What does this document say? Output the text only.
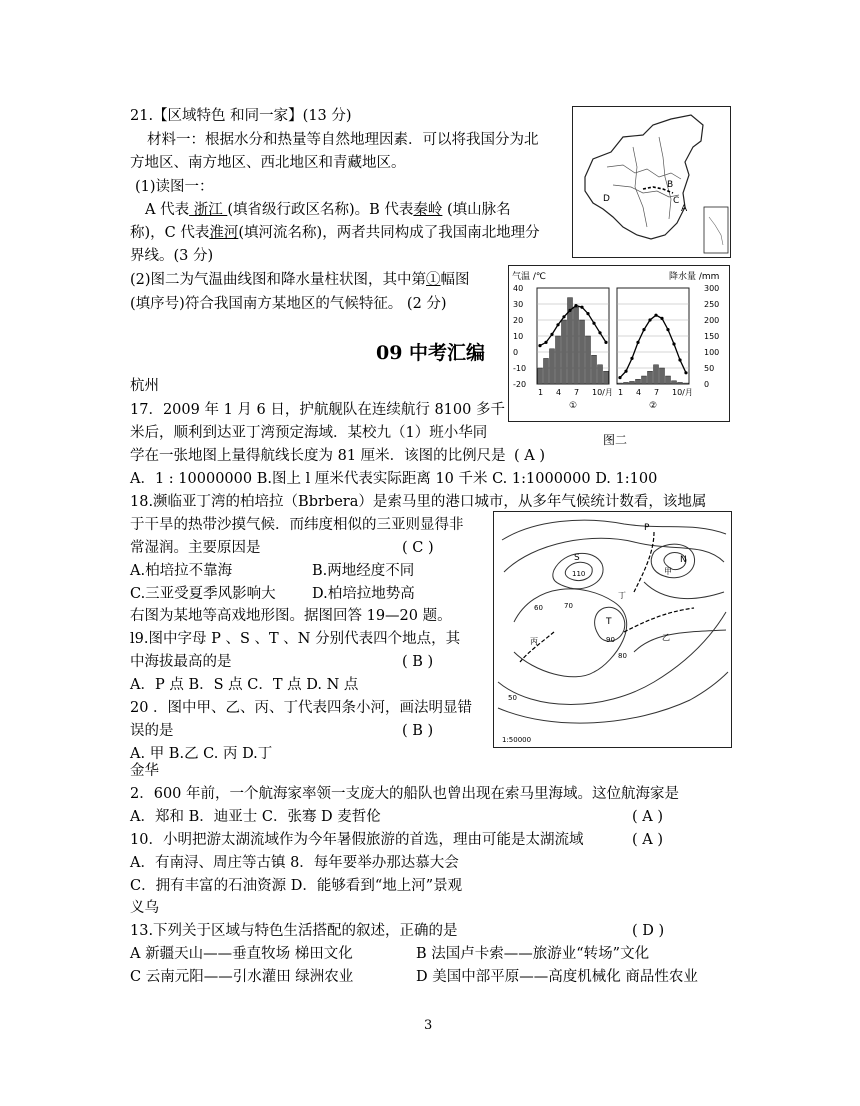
21.【区域特色 和同一家】(13 分)
材料一：根据水分和热量等自然地理因素．可以将我国分为北
方地区、南方地区、西北地区和青藏地区。
(1)读图一：
A 代表 浙江 (填省级行政区名称)。B 代表秦岭 (填山脉名
称)，C 代表淮河(填河流名称)，两者共同构成了我国南北地理分
界线。(3 分)
(2)图二为气温曲线图和降水量柱状图，其中第①幅图
(填序号)符合我国南方某地区的气候特征。 (2 分)
B
A
C
D
气温 /℃	降水量 /mm
40
30
20
10
0
-10
-20
300
250
200
150
100
50
0
1 4 7 10/月
①
1 4 7 10/月
②
图二
09 中考汇编
杭州
17．2009 年 1 月 6 日，护航舰队在连续航行 8100 多千
米后，顺利到达亚丁湾预定海域．某校九（1）班小华同
学在一张地图上量得航线长度为 81 厘米．该图的比例尺是 ( A )
A．1 : 10000000 B.图上 l 厘米代表实际距离 10 千米 C. 1:1000000 D. 1:100
18.濒临亚丁湾的柏培拉（Bbrbera）是索马里的港口城市，从多年气候统计数看，该地属
于干旱的热带沙摸气候．而纬度相似的三亚则显得非
常湿润。主要原因是	( C )
A.柏培拉不靠海	B.两地经度不同
C.三亚受夏季风影响大	D.柏培拉地势高
右图为某地等高戏地形图。据图回答 19—20 题。
l9.图中字母 P 、S 、T 、N 分别代表四个地点，其
中海拔最高的是	( B )
A．P 点 B．S 点 C．T 点 D. N 点
20 ．图中甲、乙、丙、丁代表四条小河，画法明显错
误的是	( B )
A. 甲 B.乙 C. 丙 D.丁
S	N
P
T
甲
乙
丙
丁
110
90
80
70
60
50
1:50000
金华
2．600 年前，一个航海家率领一支庞大的船队也曾出现在索马里海域。这位航海家是
A．郑和 B．迪亚士 C．张骞 D 麦哲伦	( A )
10．小明把游太湖流域作为今年暑假旅游的首选，理由可能是太湖流域	( A )
A．有南浔、周庄等古镇 8．每年要举办那达慕大会
C．拥有丰富的石油资源 D．能够看到“地上河”景观
义乌
13.下列关于区域与特色生活搭配的叙述，正确的是	( D )
A 新疆天山——垂直牧场 梯田文化	B 法国卢卡索——旅游业“转场”文化
C 云南元阳——引水灌田 绿洲农业	D 美国中部平原——高度机械化 商品性农业
3
